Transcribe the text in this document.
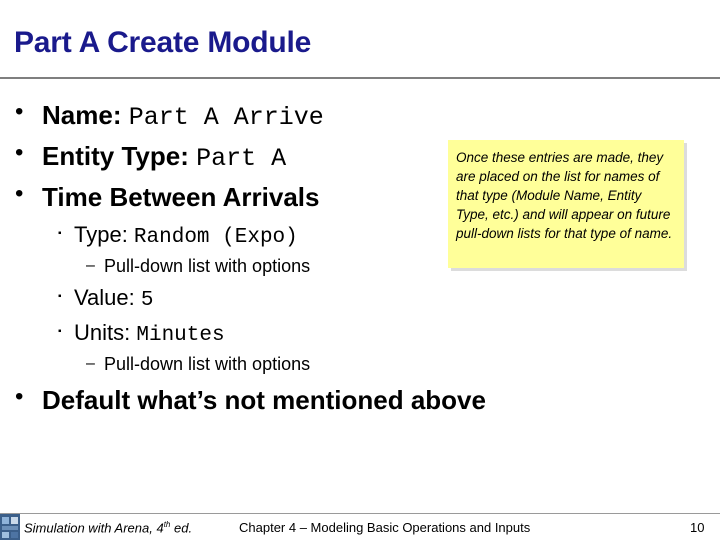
Part A Create Module
• Name: Part A Arrive
• Entity Type: Part A
• Time Between Arrivals
▪ Type: Random (Expo)
– Pull-down list with options
▪ Value: 5
▪ Units: Minutes
– Pull-down list with options
• Default what’s not mentioned above
Once these entries are made, they are placed on the list for names of that type (Module Name, Entity Type, etc.) and will appear on future pull-down lists for that type of name.
Simulation with Arena, 4th ed.	Chapter 4 – Modeling Basic Operations and Inputs	10
